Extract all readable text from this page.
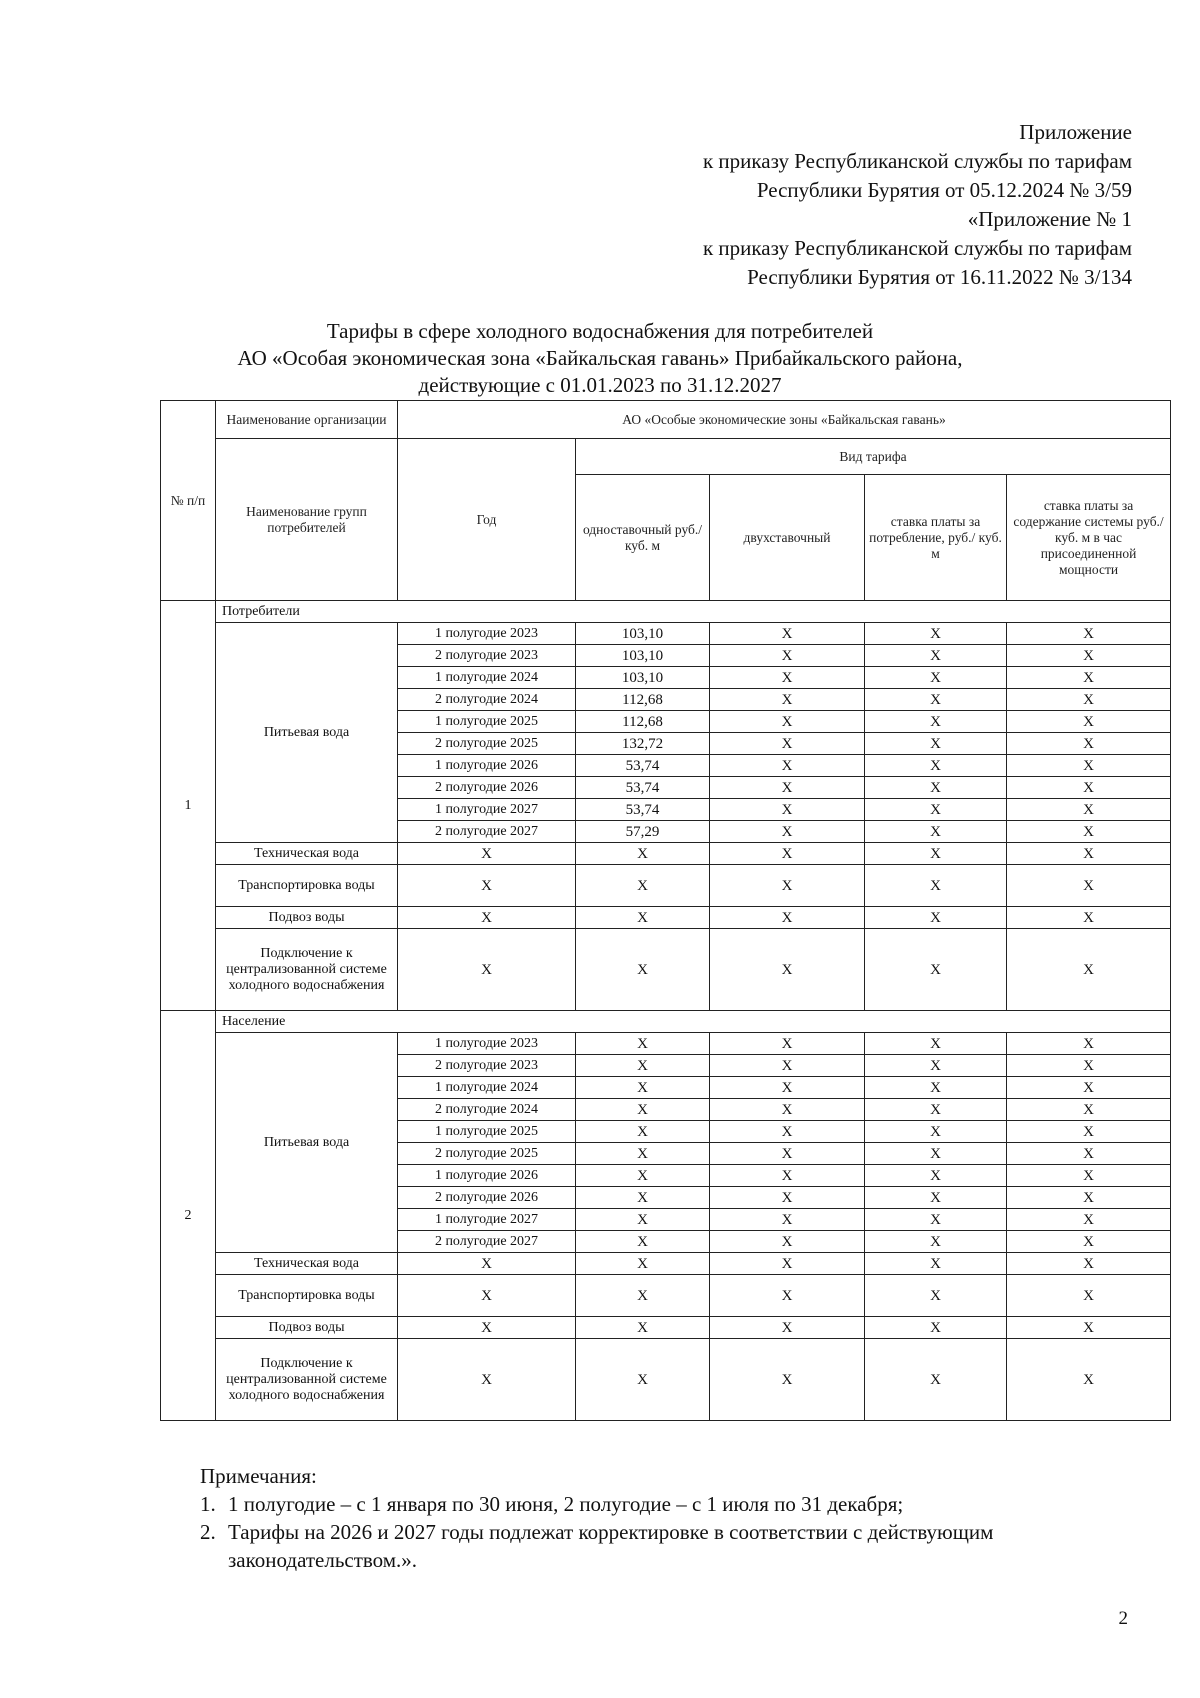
Приложение
к приказу Республиканской службы по тарифам
Республики Бурятия от 05.12.2024 № 3/59
«Приложение № 1
к приказу Республиканской службы по тарифам
Республики Бурятия от 16.11.2022 № 3/134
Тарифы в сфере холодного водоснабжения для потребителей
АО «Особая экономическая зона «Байкальская гавань» Прибайкальского района,
действующие с 01.01.2023 по 31.12.2027
№ п/п	Наименование организации	АО «Особые экономические зоны «Байкальская гавань»				
	Наименование групп потребителей	Год	Вид тарифа			
			одноставочный руб./ куб. м	двухставочный	ставка платы за потребление, руб./ куб. м	ставка платы за содержание системы руб./куб. м в час присоединенной мощности
1	Потребители					
	Питьевая вода	1 полугодие 2023	103,10	X	X	X
		2 полугодие 2023	103,10	X	X	X
		1 полугодие 2024	103,10	X	X	X
		2 полугодие 2024	112,68	X	X	X
		1 полугодие 2025	112,68	X	X	X
		2 полугодие 2025	132,72	X	X	X
		1 полугодие 2026	53,74	X	X	X
		2 полугодие 2026	53,74	X	X	X
		1 полугодие 2027	53,74	X	X	X
		2 полугодие 2027	57,29	X	X	X
	Техническая вода	X	X	X	X	X
	Транспортировка воды	X	X	X	X	X
	Подвоз воды	X	X	X	X	X
	Подключение к централизованной системе холодного водоснабжения	X	X	X	X	X
2	Население					
	Питьевая вода	1 полугодие 2023	X	X	X	X
		2 полугодие 2023	X	X	X	X
		1 полугодие 2024	X	X	X	X
		2 полугодие 2024	X	X	X	X
		1 полугодие 2025	X	X	X	X
		2 полугодие 2025	X	X	X	X
		1 полугодие 2026	X	X	X	X
		2 полугодие 2026	X	X	X	X
		1 полугодие 2027	X	X	X	X
		2 полугодие 2027	X	X	X	X
	Техническая вода	X	X	X	X	X
	Транспортировка воды	X	X	X	X	X
	Подвоз воды	X	X	X	X	X
	Подключение к централизованной системе холодного водоснабжения	X	X	X	X	X
Примечания:
1. 1 полугодие – с 1 января по 30 июня, 2 полугодие – с 1 июля по 31 декабря;
2. Тарифы на 2026 и 2027 годы подлежат корректировке в соответствии с действующим законодательством.».
2
